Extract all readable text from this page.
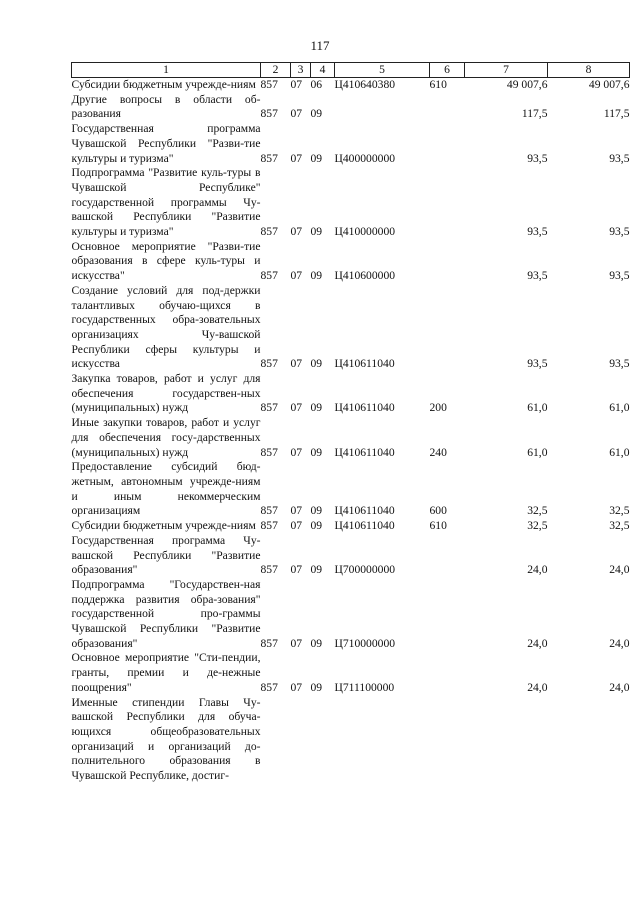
117
1	2	3	4	5	6	7	8
Субсидии бюджетным учрежде-ниям	857	07	06	Ц410640380	610	49 007,6	49 007,6
Другие вопросы в области об-разования	857	07	09			117,5	117,5
Государственная программа Чувашской Республики "Разви-тие культуры и туризма"	857	07	09	Ц400000000		93,5	93,5
Подпрограмма "Развитие куль-туры в Чувашской Республике" государственной программы Чу-вашской Республики "Развитие культуры и туризма"	857	07	09	Ц410000000		93,5	93,5
Основное мероприятие "Разви-тие образования в сфере куль-туры и искусства"	857	07	09	Ц410600000		93,5	93,5
Создание условий для под-держки талантливых обучаю-щихся в государственных обра-зовательных организациях Чу-вашской Республики сферы культуры и искусства	857	07	09	Ц410611040		93,5	93,5
Закупка товаров, работ и услуг для обеспечения государствен-ных (муниципальных) нужд	857	07	09	Ц410611040	200	61,0	61,0
Иные закупки товаров, работ и услуг для обеспечения госу-дарственных (муниципальных) нужд	857	07	09	Ц410611040	240	61,0	61,0
Предоставление субсидий бюд-жетным, автономным учрежде-ниям и иным некоммерческим организациям	857	07	09	Ц410611040	600	32,5	32,5
Субсидии бюджетным учрежде-ниям	857	07	09	Ц410611040	610	32,5	32,5
Государственная программа Чу-вашской Республики "Развитие образования"	857	07	09	Ц700000000		24,0	24,0
Подпрограмма "Государствен-ная поддержка развития обра-зования" государственной про-граммы Чувашской Республики "Развитие образования"	857	07	09	Ц710000000		24,0	24,0
Основное мероприятие "Сти-пендии, гранты, премии и де-нежные поощрения"	857	07	09	Ц711100000		24,0	24,0
Именные стипендии Главы Чу-вашской Республики для обуча-ющихся общеобразовательных организаций и организаций до-полнительного образования в Чувашской Республике, достиг-							
